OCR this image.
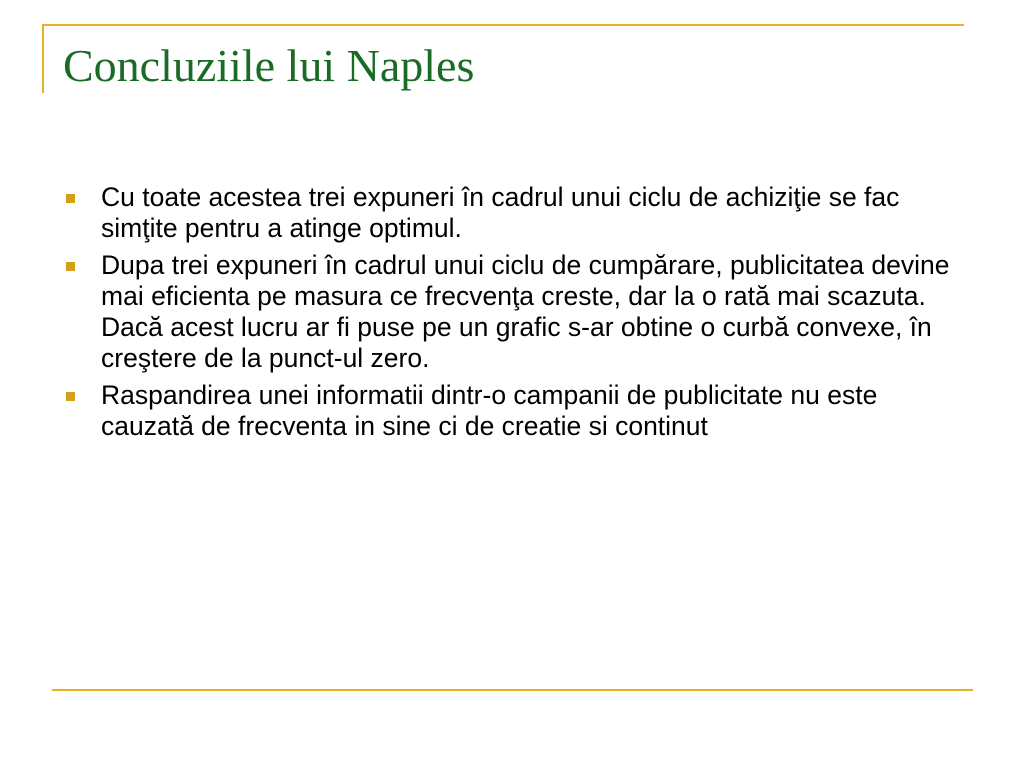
Concluziile lui Naples
Cu toate acestea trei expuneri în cadrul unui ciclu de achiziţie se fac simţite pentru a atinge optimul.
Dupa trei expuneri în cadrul unui ciclu de cumpărare, publicitatea devine mai eficienta pe masura ce frecvenţa creste, dar la o rată mai scazuta. Dacă acest lucru ar fi puse pe un grafic s-ar obtine o curbă convexe, în creştere de la punct-ul zero.
Raspandirea unei informatii dintr-o campanii de publicitate nu este cauzată de frecventa in sine ci de creatie si continut
